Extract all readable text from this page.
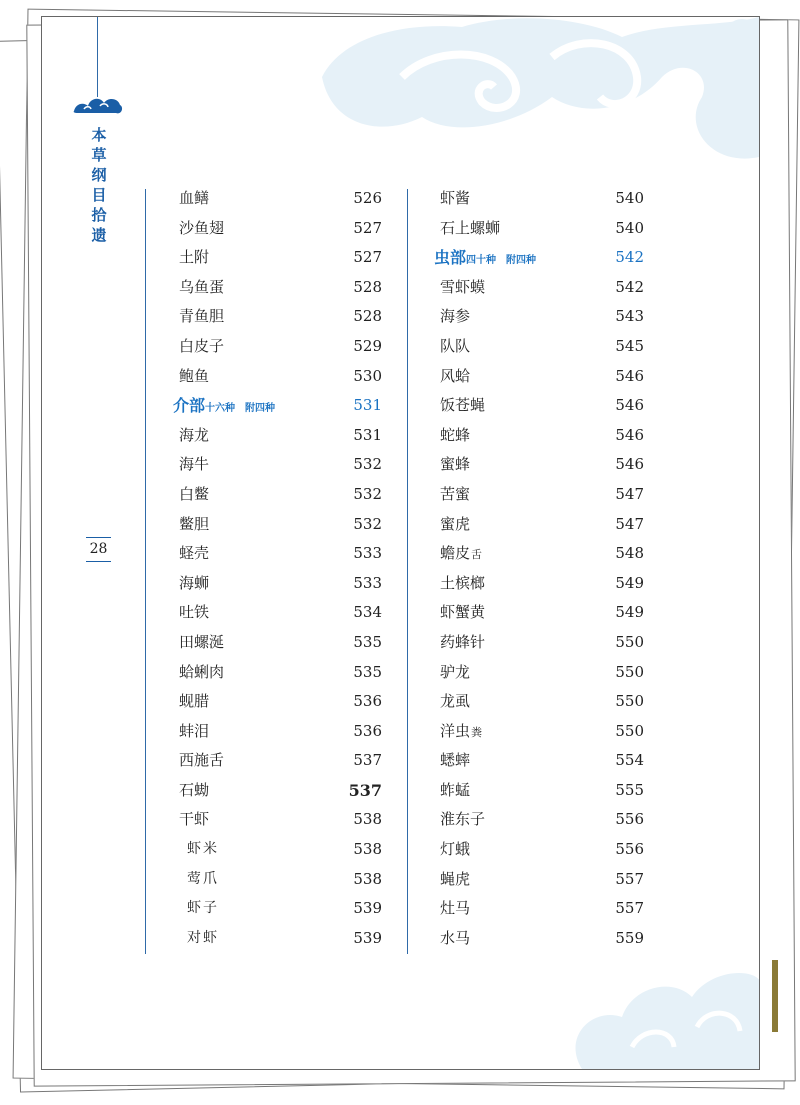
本
草
纲
目
拾
遗
28
血鳝	526
沙鱼翅	527
土附	527
乌鱼蛋	528
青鱼胆	528
白皮子	529
鲍鱼	530
介部十六种 附四种	531
海龙	531
海牛	532
白鳖	532
鳖胆	532
蛏壳	533
海蛳	533
吐铁	534
田螺涎	535
蛤蜊肉	535
蚬腊	536
蚌泪	536
西施舌	537
石蜐	537
干虾	538
虾米	538
莺爪	538
虾子	539
对虾	539
虾酱	540
石上螺蛳	540
虫部四十种 附四种	542
雪虾蟆	542
海参	543
队队	545
风蛤	546
饭苍蝇	546
蛇蜂	546
蜜蜂	546
苦蜜	547
蜜虎	547
蟾皮舌	548
土槟榔	549
虾蟹黄	549
药蜂针	550
驴龙	550
龙虱	550
洋虫粪	550
蟋蟀	554
蚱蜢	555
淮东子	556
灯蛾	556
蝇虎	557
灶马	557
水马	559
